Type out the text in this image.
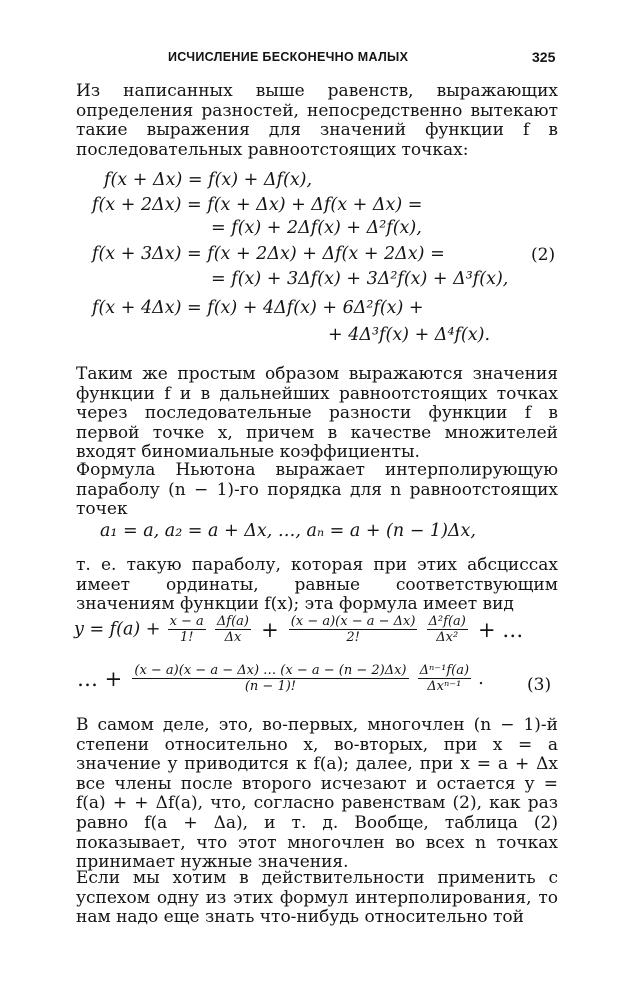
ИСЧИСЛЕНИЕ БЕСКОНЕЧНО МАЛЫХ	325
Из написанных выше равенств, выражающих определения разностей, непосредственно вытекают такие выражения для значений функции f в последовательных равноотстоящих точках:
f(x + Δx) = f(x) + Δf(x),
f(x + 2Δx) = f(x + Δx) + Δf(x + Δx) =
= f(x) + 2Δf(x) + Δ²f(x),
f(x + 3Δx) = f(x + 2Δx) + Δf(x + 2Δx) =
= f(x) + 3Δf(x) + 3Δ²f(x) + Δ³f(x),
f(x + 4Δx) = f(x) + 4Δf(x) + 6Δ²f(x) +
+ 4Δ³f(x) + Δ⁴f(x).
(2)
Таким же простым образом выражаются значения функции f и в дальнейших равноотстоящих точках через последовательные разности функции f в первой точке x, причем в качестве множителей входят биномиальные коэффициенты.
Формула Ньютона выражает интерполирующую параболу (n − 1)-го порядка для n равноотстоящих точек
a₁ = a, a₂ = a + Δx, …, aₙ = a + (n − 1)Δx,
т. е. такую параболу, которая при этих абсциссах имеет ординаты, равные соответствующим значениям функции f(x); эта формула имеет вид
$y = f(a) + \frac{x - a}{1!}$
$\frac{\Delta f(a)}{\Delta x} + \frac{(x - a)(x - a - \Delta x)}{2!}$
$\frac{\text{Δ²f(a)}}{\text{Δx²}}$ + …
… + $\frac{(x - a)(x - a - \Delta x) \dots (x - a - (n - 2)\Delta x)}{(n - 1)!}$
$\frac{\text{Δⁿ⁻¹f(a)}}{\text{Δxⁿ⁻¹}}$ .	(3)
В самом деле, это, во-первых, многочлен (n − 1)-й степени относительно x, во-вторых, при x = a значение y приводится к f(a); далее, при x = a + Δx все члены после второго исчезают и остается y = f(a) + + Δf(a), что, согласно равенствам (2), как раз равно f(a + Δa), и т. д. Вообще, таблица (2) показывает, что этот многочлен во всех n точках принимает нужные значения.
Если мы хотим в действительности применить с успехом одну из этих формул интерполирования, то нам надо еще знать что-нибудь относительно той
